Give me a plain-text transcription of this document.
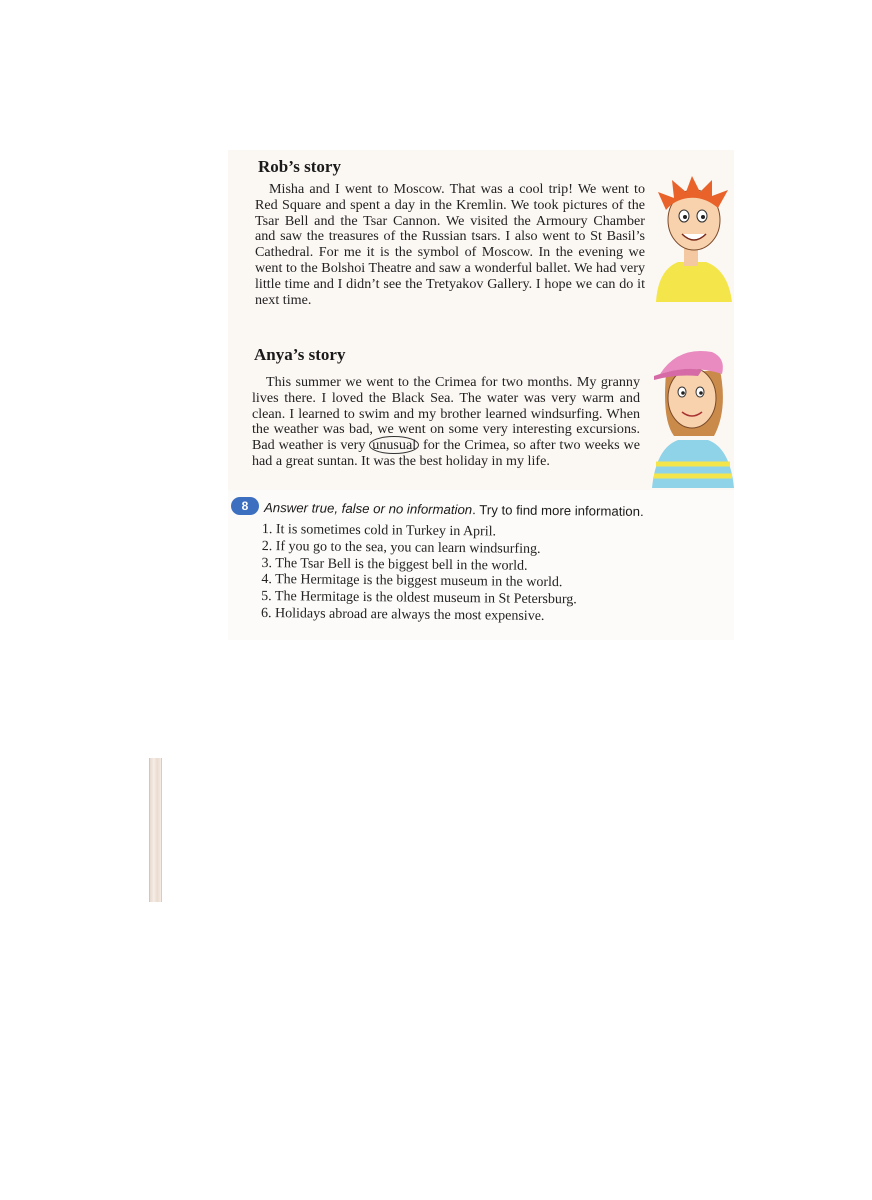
Rob’s story

Misha and I went to Moscow. That was a cool trip! We went to Red Square and spent a day in the Kremlin. We took pictures of the Tsar Bell and the Tsar Cannon. We visited the Armoury Chamber and saw the treasures of the Russian tsars. I also went to St Basil’s Cathedral. For me it is the symbol of Moscow. In the evening we went to the Bolshoi Theatre and saw a wonderful ballet. We had very little time and I didn’t see the Tretyakov Gallery. I hope we can do it next time.

Anya’s story

This summer we went to the Crimea for two months. My granny lives there. I loved the Black Sea. The water was very warm and clean. I learned to swim and my brother learned windsurfing. When the weather was bad, we went on some very interesting excursions. Bad weather is very unusual for the Crimea, so after two weeks we had a great suntan. It was the best holiday in my life.

8	Answer true, false or no information. Try to find more information.

1. It is sometimes cold in Turkey in April.
2. If you go to the sea, you can learn windsurfing.
3. The Tsar Bell is the biggest bell in the world.
4. The Hermitage is the biggest museum in the world.
5. The Hermitage is the oldest museum in St Petersburg.
6. Holidays abroad are always the most expensive.
